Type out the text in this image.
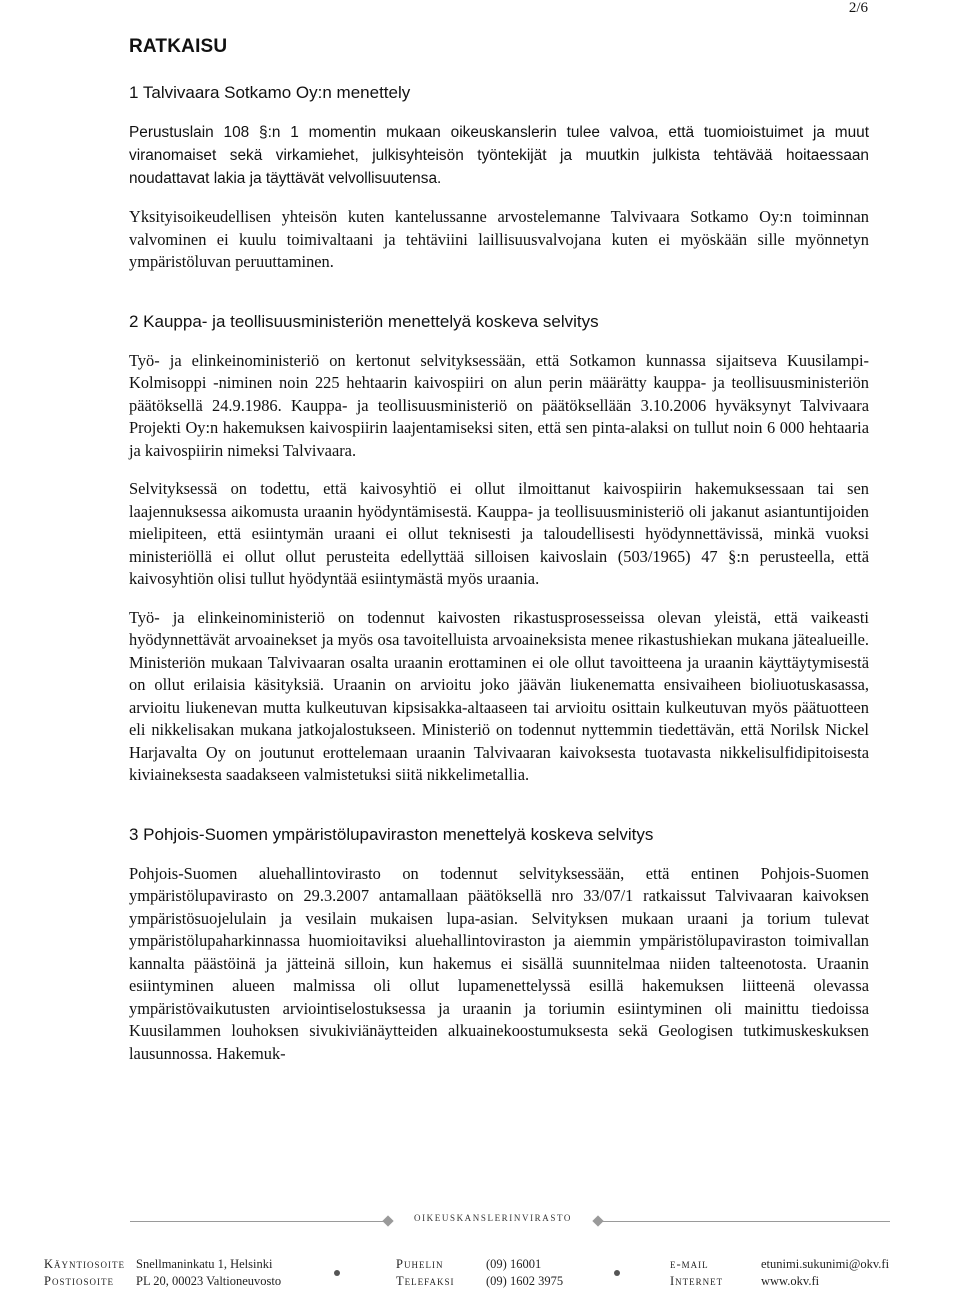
2/6
RATKAISU
1 Talvivaara Sotkamo Oy:n menettely

Perustuslain 108 §:n 1 momentin mukaan oikeuskanslerin tulee valvoa, että tuomioistuimet ja muut viranomaiset sekä virkamiehet, julkisyhteisön työntekijät ja muutkin julkista tehtävää hoitaessaan noudattavat lakia ja täyttävät velvollisuutensa.

Yksityisoikeudellisen yhteisön kuten kantelussanne arvostelemanne Talvivaara Sotkamo Oy:n toiminnan valvominen ei kuulu toimivaltaani ja tehtäviini laillisuusvalvojana kuten ei myöskään sille myönnetyn ympäristöluvan peruuttaminen.

2 Kauppa- ja teollisuusministeriön menettelyä koskeva selvitys

Työ- ja elinkeinoministeriö on kertonut selvityksessään, että Sotkamon kunnassa sijaitseva Kuusilampi-Kolmisoppi -niminen noin 225 hehtaarin kaivospiiri on alun perin määrätty kauppa- ja teollisuusministeriön päätöksellä 24.9.1986. Kauppa- ja teollisuusministeriö on päätöksellään 3.10.2006 hyväksynyt Talvivaara Projekti Oy:n hakemuksen kaivospiirin laajentamiseksi siten, että sen pinta-alaksi on tullut noin 6 000 hehtaaria ja kaivospiirin nimeksi Talvivaara.

Selvityksessä on todettu, että kaivosyhtiö ei ollut ilmoittanut kaivospiirin hakemuksessaan tai sen laajennuksessa aikomusta uraanin hyödyntämisestä. Kauppa- ja teollisuusministeriö oli jakanut asiantuntijoiden mielipiteen, että esiintymän uraani ei ollut teknisesti ja taloudellisesti hyödynnettävissä, minkä vuoksi ministeriöllä ei ollut ollut perusteita edellyttää silloisen kaivoslain (503/1965) 47 §:n perusteella, että kaivosyhtiön olisi tullut hyödyntää esiintymästä myös uraania.

Työ- ja elinkeinoministeriö on todennut kaivosten rikastusprosesseissa olevan yleistä, että vaikeasti hyödynnettävät arvoainekset ja myös osa tavoitelluista arvoaineksista menee rikastushiekan mukana jätealueille. Ministeriön mukaan Talvivaaran osalta uraanin erottaminen ei ole ollut tavoitteena ja uraanin käyttäytymisestä on ollut erilaisia käsityksiä. Uraanin on arvioitu joko jäävän liukenematta ensivaiheen bioliuotuskasassa, arvioitu liukenevan mutta kulkeutuvan kipsisakka-altaaseen tai arvioitu osittain kulkeutuvan myös päätuotteen eli nikkelisakan mukana jatkojalostukseen. Ministeriö on todennut nyttemmin tiedettävän, että Norilsk Nickel Harjavalta Oy on joutunut erottelemaan uraanin Talvivaaran kaivoksesta tuotavasta nikkelisulfidipitoisesta kiviaineksesta saadakseen valmistetuksi siitä nikkelimetallia.

3 Pohjois-Suomen ympäristölupaviraston menettelyä koskeva selvitys

Pohjois-Suomen aluehallintovirasto on todennut selvityksessään, että entinen Pohjois-Suomen ympäristölupavirasto on 29.3.2007 antamallaan päätöksellä nro 33/07/1 ratkaissut Talvivaaran kaivoksen ympäristösuojelulain ja vesilain mukaisen lupa-asian. Selvityksen mukaan uraani ja torium tulevat ympäristölupaharkinnassa huomioitaviksi aluehallintoviraston ja aiemmin ympäristölupaviraston toimivallan kannalta päästöinä ja jätteinä silloin, kun hakemus ei sisällä suunnitelmaa niiden talteenotosta. Uraanin esiintyminen alueen malmissa oli ollut lupamenettelyssä esillä hakemuksen liitteenä olevassa ympäristövaikutusten arviointiselostuksessa ja uraanin ja toriumin esiintyminen oli mainittu tiedoissa Kuusilammen louhoksen sivukiviänäytteiden alkuainekoostumuksesta sekä Geologisen tutkimuskeskuksen lausunnossa. Hakemuk-

oikeuskanslerinvirasto
Käyntiosoite Snellmaninkatu 1, Helsinki
Postiosoite PL 20, 00023 Valtioneuvosto
Puhelin	(09) 16001
Telefaksi	(09) 1602 3975
e-mail	etunimi.sukunimi@okv.fi
Internet	www.okv.fi
